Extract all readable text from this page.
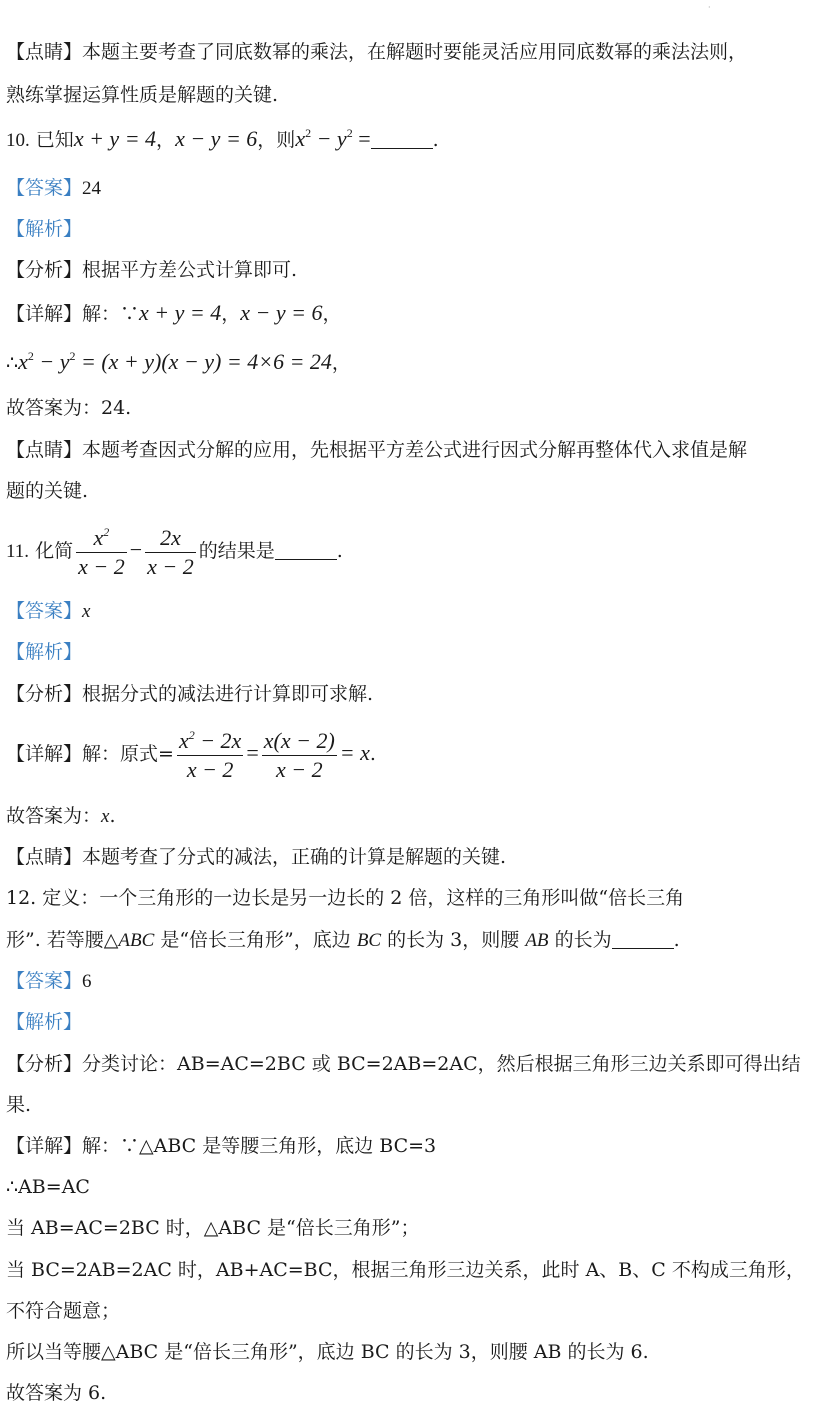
·
【点睛】本题主要考查了同底数幂的乘法，在解题时要能灵活应用同底数幂的乘法法则，
熟练掌握运算性质是解题的关键.
10. 已知x + y = 4，x − y = 6，则$x^2 - y^2$ =	.
【答案】24
【解析】
【分析】根据平方差公式计算即可.
【详解】解：∵x + y = 4，x − y = 6，
$\therefore x^2 - y^2 = (x + y)(x - y) = 4\times 6 = 24$，
故答案为：24.
【点睛】本题考查因式分解的应用，先根据平方差公式进行因式分解再整体代入求值是解
题的关键.
11. 化简 $\frac{x^2}{x - 2} - \frac{2x}{x - 2}$ 的结果是	.
【答案】x
【解析】
【分析】根据分式的减法进行计算即可求解.
【详解】解：原式= $\frac{x^2 - 2x}{x - 2} = \frac{x(x - 2)}{x - 2} = x$.
故答案为：x.
【点睛】本题考查了分式的减法，正确的计算是解题的关键.
12. 定义：一个三角形的一边长是另一边长的 2 倍，这样的三角形叫做“倍长三角
形”. 若等腰△ABC 是“倍长三角形”，底边 BC 的长为 3，则腰 AB 的长为	.
【答案】6
【解析】
【分析】分类讨论：AB=AC=2BC 或 BC=2AB=2AC，然后根据三角形三边关系即可得出结
果.
【详解】解：∵△ABC 是等腰三角形，底边 BC=3
∴AB=AC
当 AB=AC=2BC 时，△ABC 是“倍长三角形”；
当 BC=2AB=2AC 时，AB+AC=BC，根据三角形三边关系，此时 A、B、C 不构成三角形，
不符合题意；
所以当等腰△ABC 是“倍长三角形”，底边 BC 的长为 3，则腰 AB 的长为 6.
故答案为 6.
